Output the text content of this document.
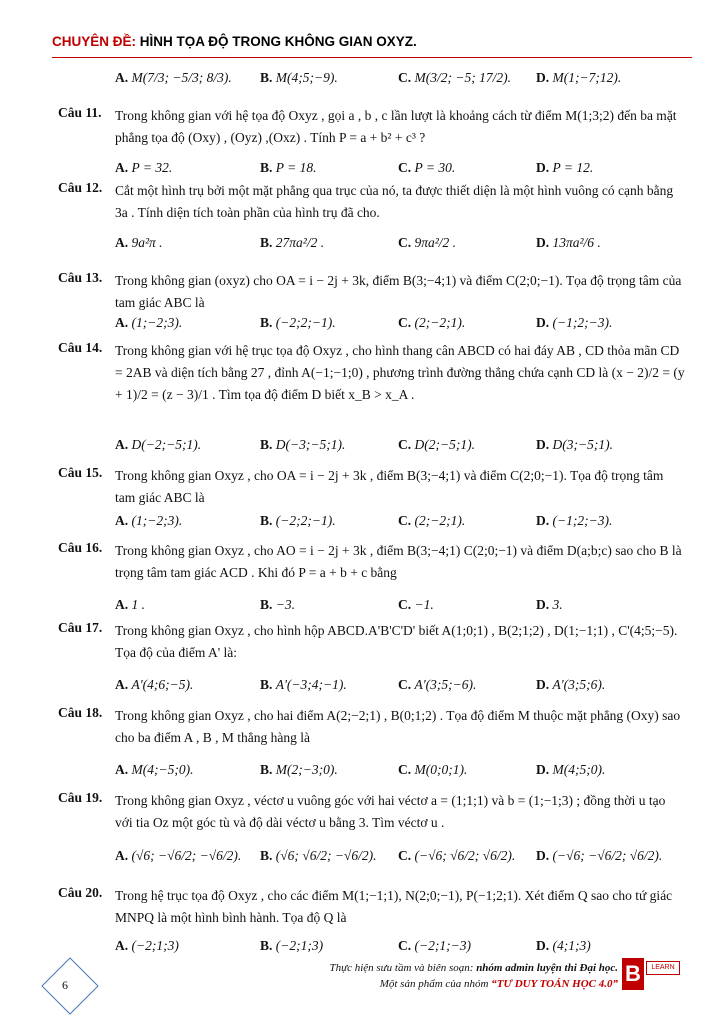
CHUYÊN ĐỀ: HÌNH TỌA ĐỘ TRONG KHÔNG GIAN OXYZ.
A. M(7/3; −5/3; 8/3). B. M(4;5;−9).	C. M(3/2; −5; 17/2). D. M(1;−7;12).
Câu 11. Trong không gian với hệ tọa độ Oxyz , gọi a , b , c lần lượt là khoảng cách từ điểm M(1;3;2) đến ba mặt phẳng tọa độ (Oxy) , (Oyz) ,(Oxz) . Tính P = a + b² + c³ ?
A. P = 32.	B. P = 18.	C. P = 30.	D. P = 12.
Câu 12. Cắt một hình trụ bởi một mặt phẳng qua trục của nó, ta được thiết diện là một hình vuông có cạnh bằng 3a . Tính diện tích toàn phần của hình trụ đã cho.
A. 9a²π .	B. 27πa²/2 .	C. 9πa²/2 .	D. 13πa²/6 .
Câu 13. Trong không gian (oxyz) cho OA = i − 2j + 3k, điểm B(3;−4;1) và điểm C(2;0;−1). Tọa độ trọng tâm của tam giác ABC là
A. (1;−2;3).	B. (−2;2;−1).	C. (2;−2;1).	D. (−1;2;−3).
Câu 14. Trong không gian với hệ trục tọa độ Oxyz , cho hình thang cân ABCD có hai đáy AB , CD thỏa mãn CD = 2AB và diện tích bằng 27 , đỉnh A(−1;−1;0) , phương trình đường thẳng chứa cạnh CD là (x − 2)/2 = (y + 1)/2 = (z − 3)/1 . Tìm tọa độ điểm D biết x_B > x_A .
A. D(−2;−5;1).	B. D(−3;−5;1).	C. D(2;−5;1).	D. D(3;−5;1).
Câu 15. Trong không gian Oxyz , cho OA = i − 2j + 3k , điểm B(3;−4;1) và điểm C(2;0;−1). Tọa độ trọng tâm tam giác ABC là
A. (1;−2;3).	B. (−2;2;−1).	C. (2;−2;1).	D. (−1;2;−3).
Câu 16. Trong không gian Oxyz , cho AO = i − 2j + 3k , điểm B(3;−4;1) C(2;0;−1) và điểm D(a;b;c) sao cho B là trọng tâm tam giác ACD . Khi đó P = a + b + c bằng
A. 1 .	B. −3.	C. −1.	D. 3.
Câu 17. Trong không gian Oxyz , cho hình hộp ABCD.A'B'C'D' biết A(1;0;1) , B(2;1;2) , D(1;−1;1) , C'(4;5;−5). Tọa độ của điểm A' là:
A. A'(4;6;−5).	B. A'(−3;4;−1).	C. A'(3;5;−6).	D. A'(3;5;6).
Câu 18. Trong không gian Oxyz , cho hai điểm A(2;−2;1) , B(0;1;2) . Tọa độ điểm M thuộc mặt phẳng (Oxy) sao cho ba điểm A , B , M thẳng hàng là
A. M(4;−5;0).	B. M(2;−3;0).	C. M(0;0;1).	D. M(4;5;0).
Câu 19. Trong không gian Oxyz , véctơ u vuông góc với hai véctơ a = (1;1;1) và b = (1;−1;3) ; đồng thời u tạo với tia Oz một góc tù và độ dài véctơ u bằng 3. Tìm véctơ u .
A. (√6; −√6/2; −√6/2). B. (√6; √6/2; −√6/2). C. (−√6; √6/2; √6/2). D. (−√6; −√6/2; √6/2).
Câu 20. Trong hệ trục tọa độ Oxyz , cho các điểm M(1;−1;1), N(2;0;−1), P(−1;2;1). Xét điểm Q sao cho tứ giác MNPQ là một hình bình hành. Tọa độ Q là
A. (−2;1;3)	B. (−2;1;3)	C. (−2;1;−3)	D. (4;1;3)
Thực hiện sưu tầm và biên soạn: nhóm admin luyện thi Đại học.
Một sản phẩm của nhóm “TƯ DUY TOÁN HỌC 4.0” B	LEARN
6
